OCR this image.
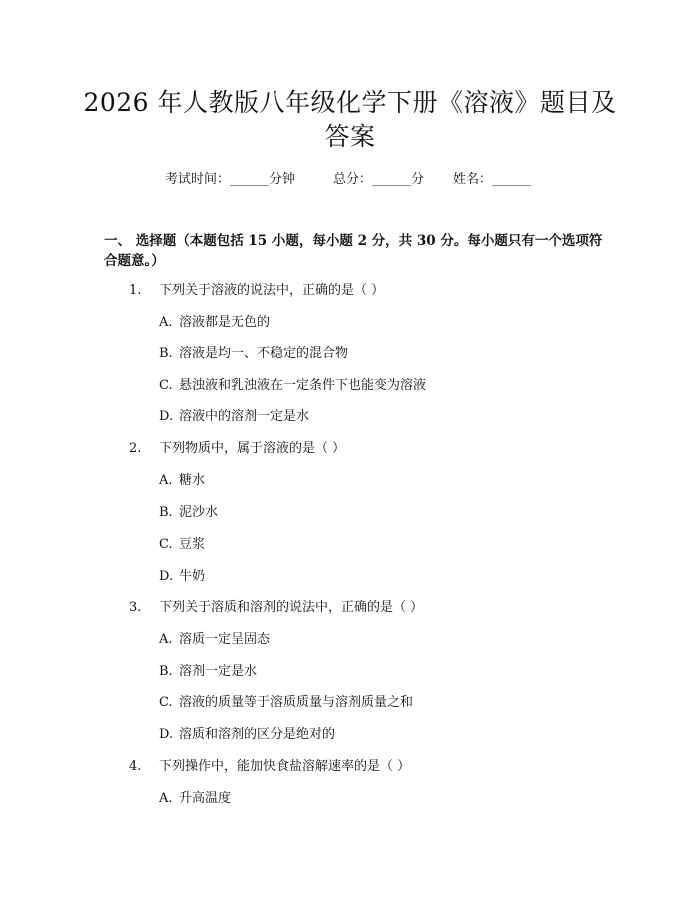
2026 年人教版八年级化学下册《溶液》题目及答案
考试时间：______分钟	总分：______分 姓名：______
一、 选择题（本题包括 15 小题，每小题 2 分，共 30 分。每小题只有一个选项符合题意。）
1. 下列关于溶液的说法中，正确的是（ ）
A. 溶液都是无色的
B. 溶液是均一、不稳定的混合物
C. 悬浊液和乳浊液在一定条件下也能变为溶液
D. 溶液中的溶剂一定是水
2. 下列物质中，属于溶液的是（ ）
A. 糖水
B. 泥沙水
C. 豆浆
D. 牛奶
3. 下列关于溶质和溶剂的说法中，正确的是（ ）
A. 溶质一定呈固态
B. 溶剂一定是水
C. 溶液的质量等于溶质质量与溶剂质量之和
D. 溶质和溶剂的区分是绝对的
4. 下列操作中，能加快食盐溶解速率的是（ ）
A. 升高温度
